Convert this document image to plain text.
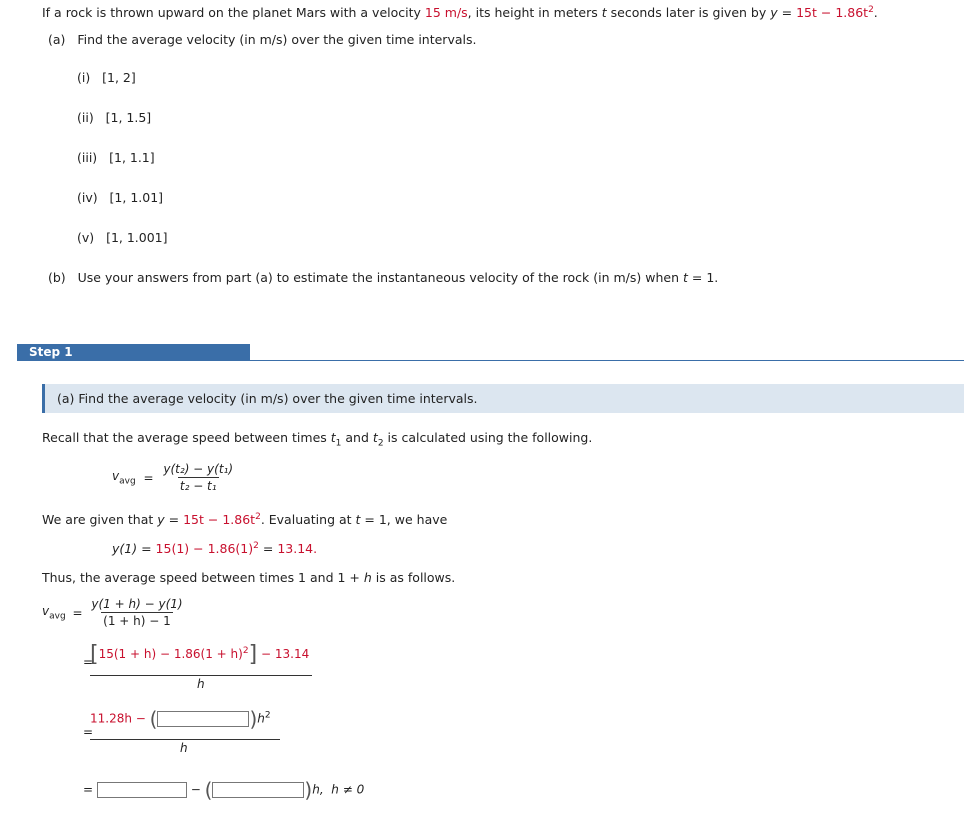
If a rock is thrown upward on the planet Mars with a velocity 15 m/s, its height in meters t seconds later is given by $y = 15t - 1.86t^2$.
(a) Find the average velocity (in m/s) over the given time intervals.
(i) [1, 2]
(ii) [1, 1.5]
(iii) [1, 1.1]
(iv) [1, 1.01]
(v) [1, 1.001]
(b) Use your answers from part (a) to estimate the instantaneous velocity of the rock (in m/s) when t = 1.
Step 1
(a) Find the average velocity (in m/s) over the given time intervals.
Recall that the average speed between times $t_1$ and $t_2$ is calculated using the following.
$v_{avg} = \frac{\text{y(t₂) − y(t₁)}}{\text{t₂ − t₁}}$
We are given that $y = 15t - 1.86t^2$. Evaluating at t = 1, we have
$y(1) = 15(1) - 1.86(1)^2 = 13.14$.
Thus, the average speed between times 1 and 1 + h is as follows.
$v_{avg} = \frac{y(1 + h) - y(1)}{(1 + h) - 1}$
=
$[15(1 + h) - 1.86(1 + h)^2] - 13.14$
h
=
11.28h − (	)$h^2$
h
=	− (	)h, h ≠ 0
